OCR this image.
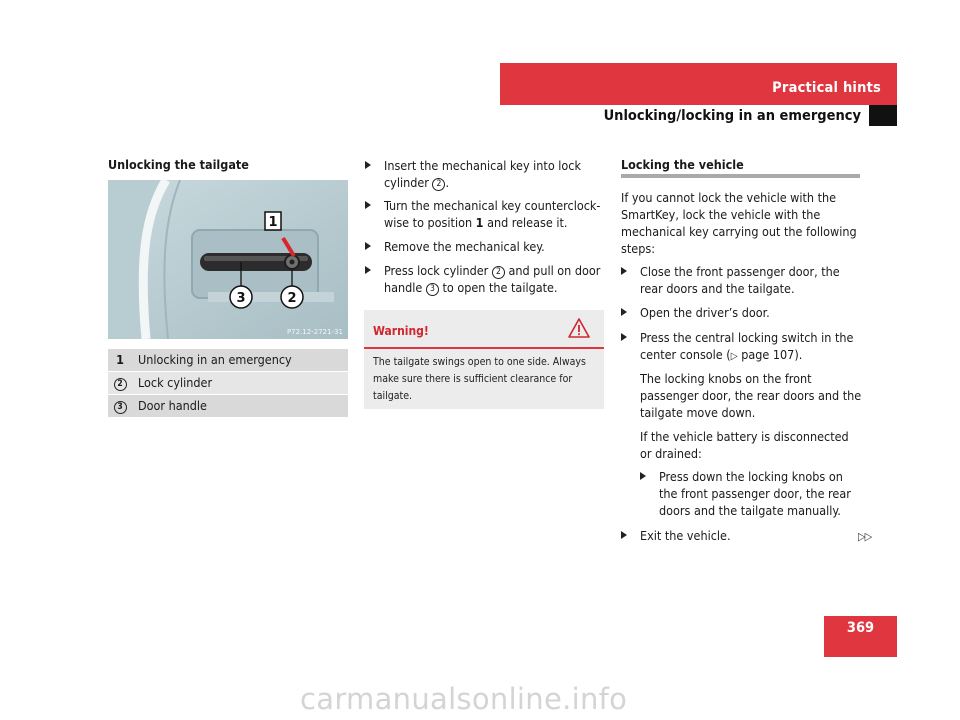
Practical hints
Unlocking/locking in an emergency
Unlocking the tailgate
1
3	2
P72.12-2721-31
1	Unlocking in an emergency
2	Lock cylinder
3	Door handle
Insert the mechanical key into lock
cylinder 2 .
Turn the mechanical key counterclock-
wise to position 1 and release it.
Remove the mechanical key.
Press lock cylinder 2 and pull on door
handle 3 to open the tailgate.
Warning!
The tailgate swings open to one side. Always make sure there is sufficient clearance for tailgate.
Locking the vehicle
If you cannot lock the vehicle with the SmartKey, lock the vehicle with the mechanical key carrying out the following steps:
Close the front passenger door, the rear doors and the tailgate.
Open the driver’s door.
Press the central locking switch in the
center console (▷ page 107).
The locking knobs on the front passenger door, the rear doors and the tailgate move down.
If the vehicle battery is disconnected or drained:
Press down the locking knobs on the front passenger door, the rear doors and the tailgate manually.
Exit the vehicle.	▷▷
369
carmanualsonline.info
